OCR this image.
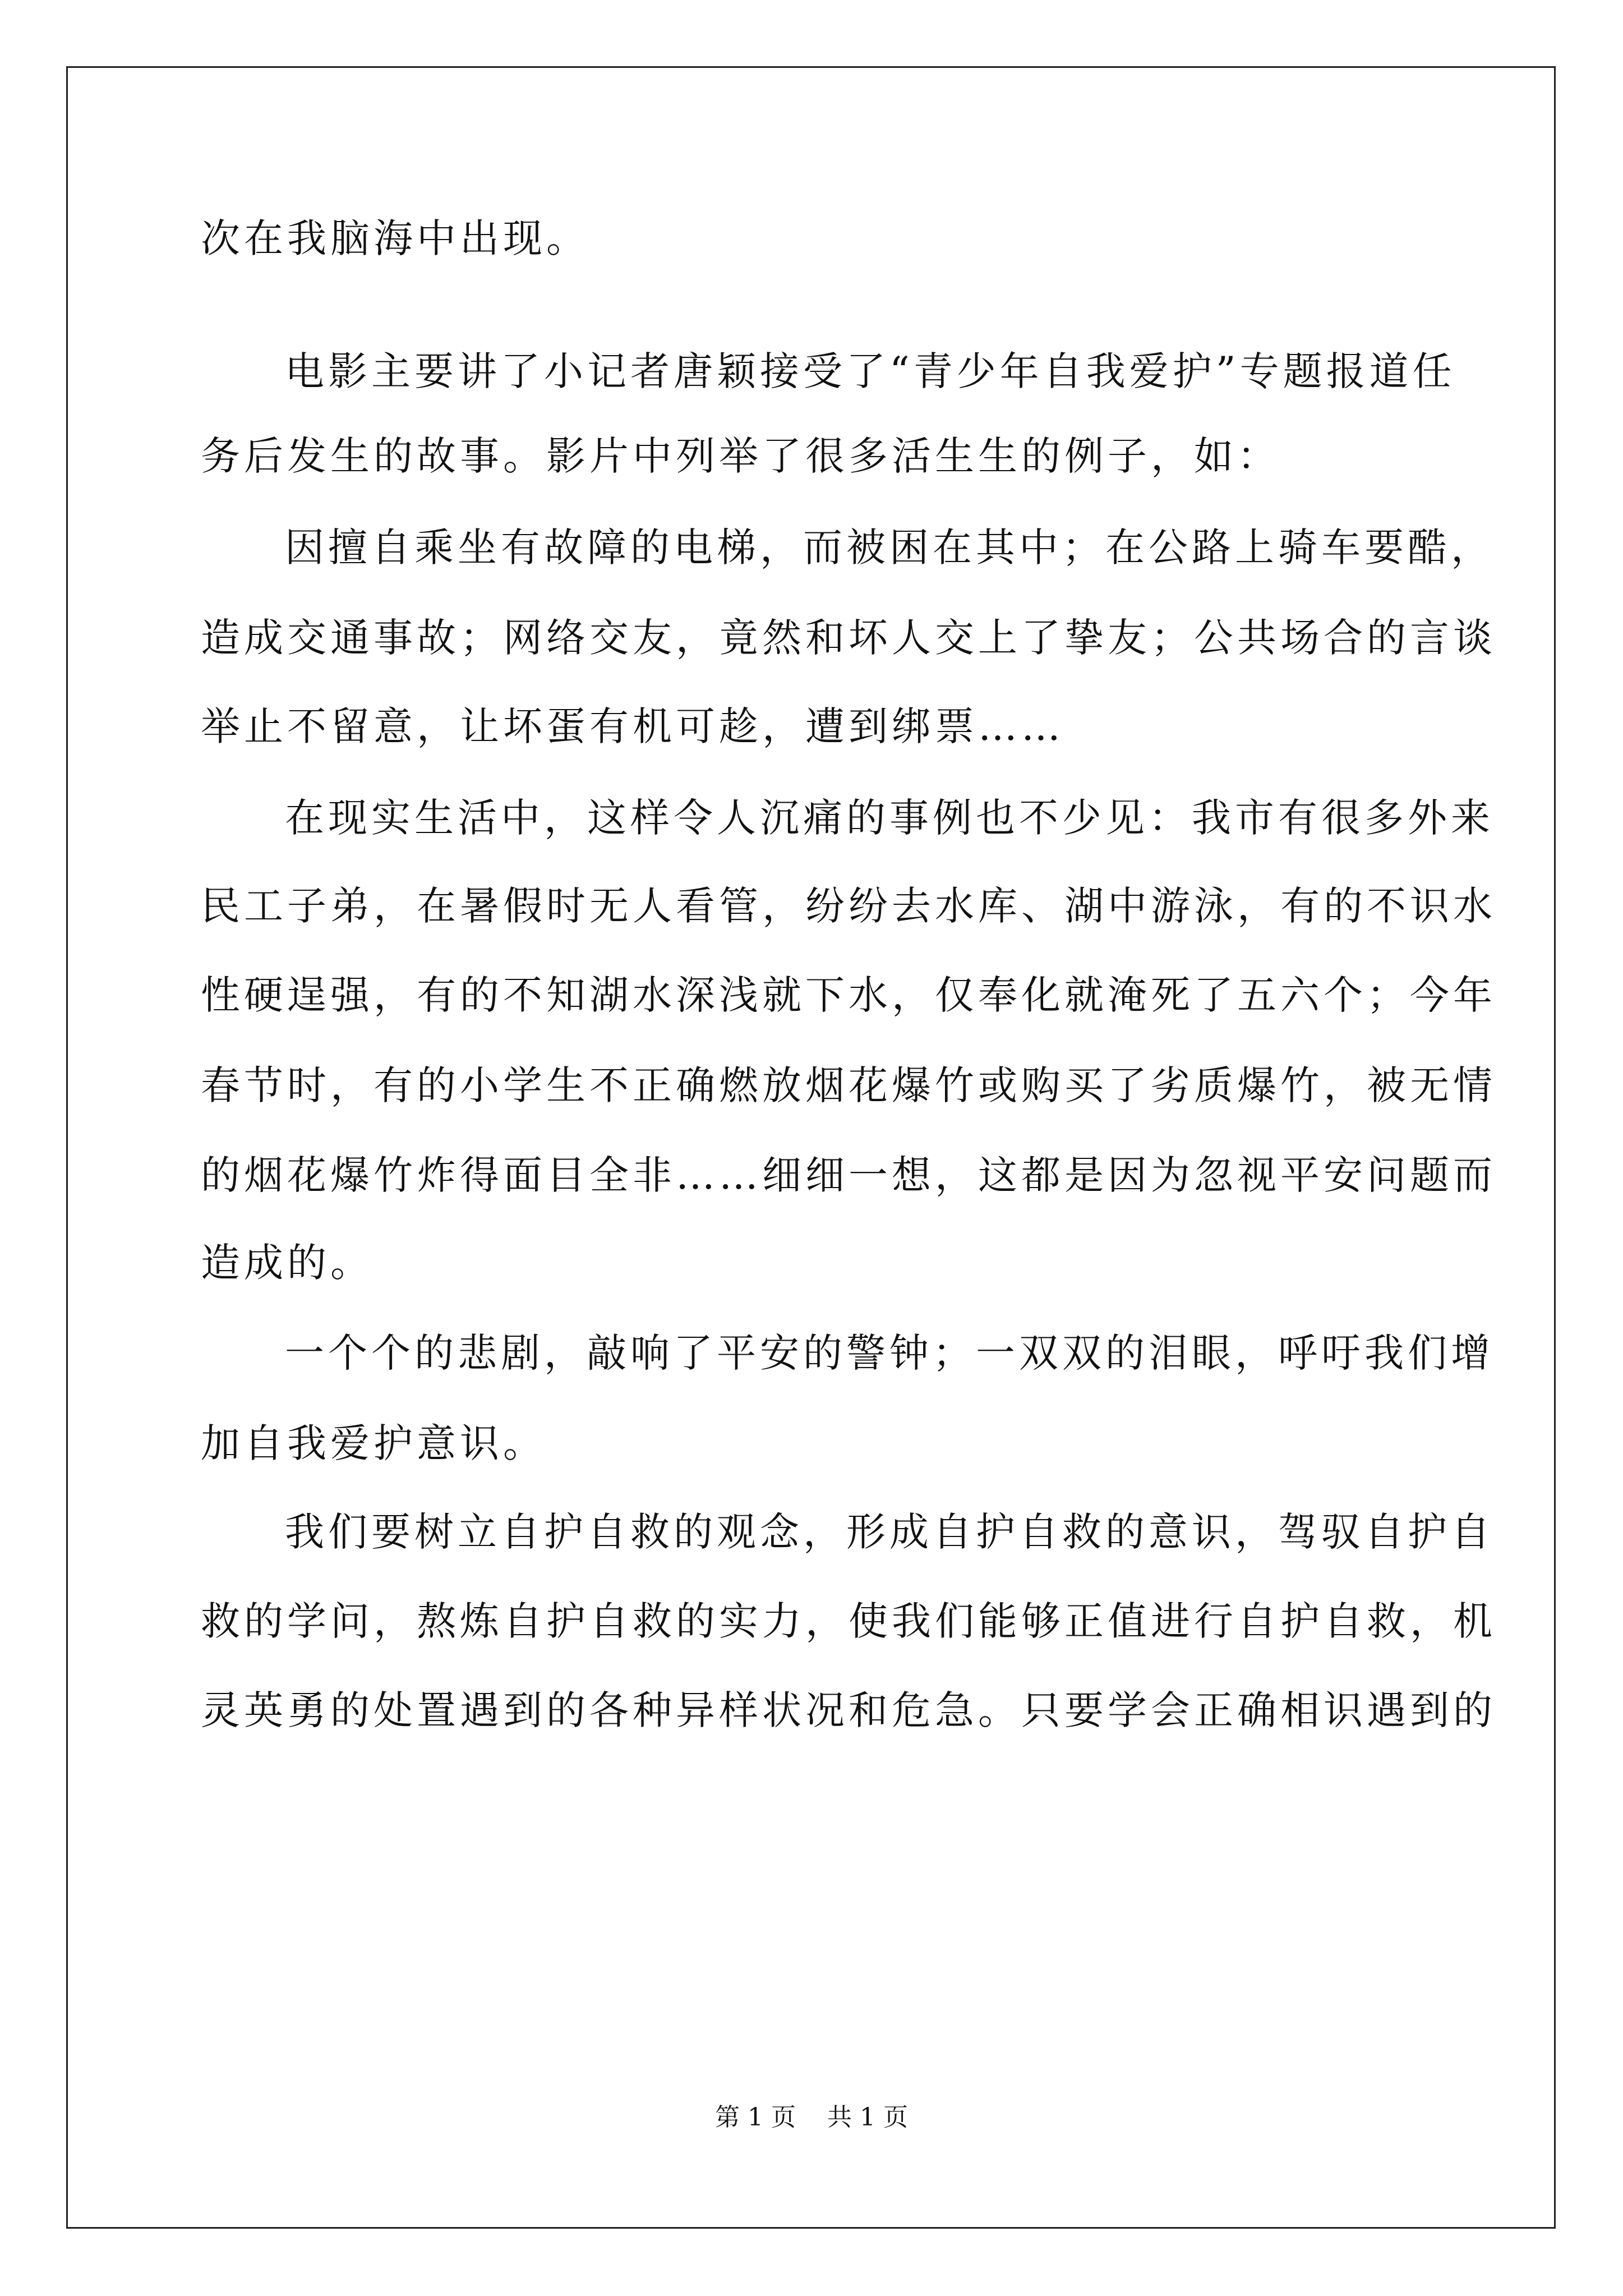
次在我脑海中出现。
电影主要讲了小记者唐颖接受了“青少年自我爱护”专题报道任
务后发生的故事。影片中列举了很多活生生的例子，如：
因擅自乘坐有故障的电梯，而被困在其中；在公路上骑车要酷，
造成交通事故；网络交友，竟然和坏人交上了挚友；公共场合的言谈
举止不留意，让坏蛋有机可趁，遭到绑票……
在现实生活中，这样令人沉痛的事例也不少见：我市有很多外来
民工子弟，在暑假时无人看管，纷纷去水库、湖中游泳，有的不识水
性硬逞强，有的不知湖水深浅就下水，仅奉化就淹死了五六个；今年
春节时，有的小学生不正确燃放烟花爆竹或购买了劣质爆竹，被无情
的烟花爆竹炸得面目全非……细细一想，这都是因为忽视平安问题而
造成的。
一个个的悲剧，敲响了平安的警钟；一双双的泪眼，呼吁我们增
加自我爱护意识。
我们要树立自护自救的观念，形成自护自救的意识，驾驭自护自
救的学问，熬炼自护自救的实力，使我们能够正值进行自护自救，机
灵英勇的处置遇到的各种异样状况和危急。只要学会正确相识遇到的
第 1 页 共 1 页
